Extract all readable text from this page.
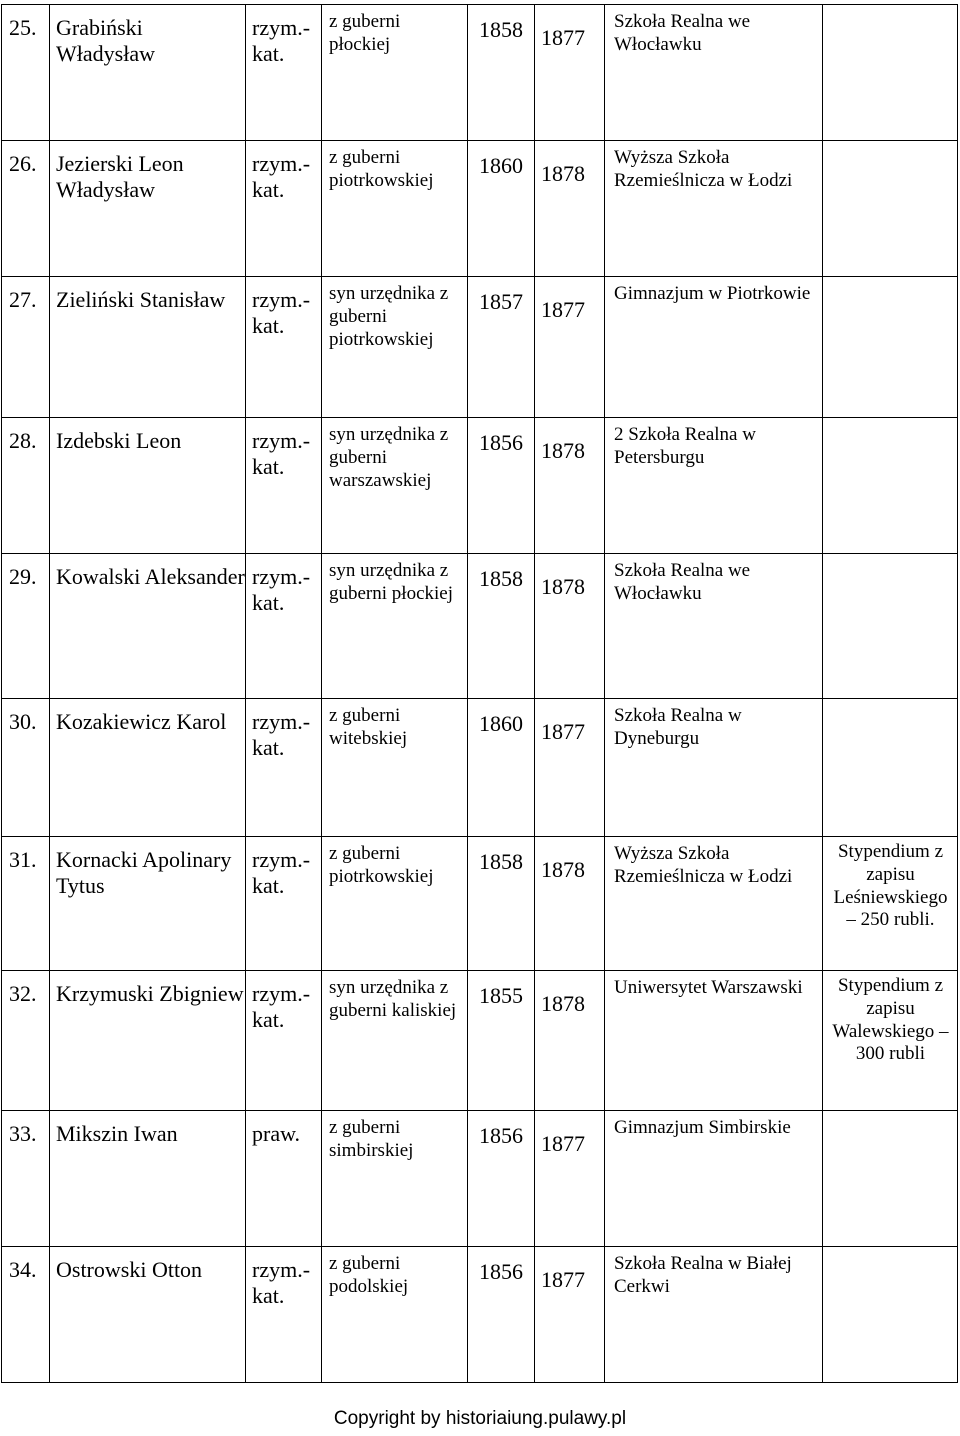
25.	Grabiński Władysław	rzym.-kat.	z guberni płockiej	1858	1877	Szkoła Realna we Włocławku	
26.	Jezierski Leon Władysław	rzym.-kat.	z guberni piotrkowskiej	1860	1878	Wyższa Szkoła Rzemieślnicza w Łodzi	
27.	Zieliński Stanisław	rzym.-kat.	syn urzędnika z guberni piotrkowskiej	1857	1877	Gimnazjum w Piotrkowie	
28.	Izdebski Leon	rzym.-kat.	syn urzędnika z guberni warszawskiej	1856	1878	2 Szkoła Realna w Petersburgu	
29.	Kowalski Aleksander	rzym.-kat.	syn urzędnika z guberni płockiej	1858	1878	Szkoła Realna we Włocławku	
30.	Kozakiewicz Karol	rzym.-kat.	z guberni witebskiej	1860	1877	Szkoła Realna w Dyneburgu	
31.	Kornacki Apolinary Tytus	rzym.-kat.	z guberni piotrkowskiej	1858	1878	Wyższa Szkoła Rzemieślnicza w Łodzi	Stypendium z zapisu Leśniewskiego – 250 rubli.
32.	Krzymuski Zbigniew	rzym.-kat.	syn urzędnika z guberni kaliskiej	1855	1878	Uniwersytet Warszawski	Stypendium z zapisu Walewskiego – 300 rubli
33.	Mikszin Iwan	praw.	z guberni simbirskiej	1856	1877	Gimnazjum Simbirskie	
34.	Ostrowski Otton	rzym.-kat.	z guberni podolskiej	1856	1877	Szkoła Realna w Białej Cerkwi	
Copyright by historiaiung.pulawy.pl
